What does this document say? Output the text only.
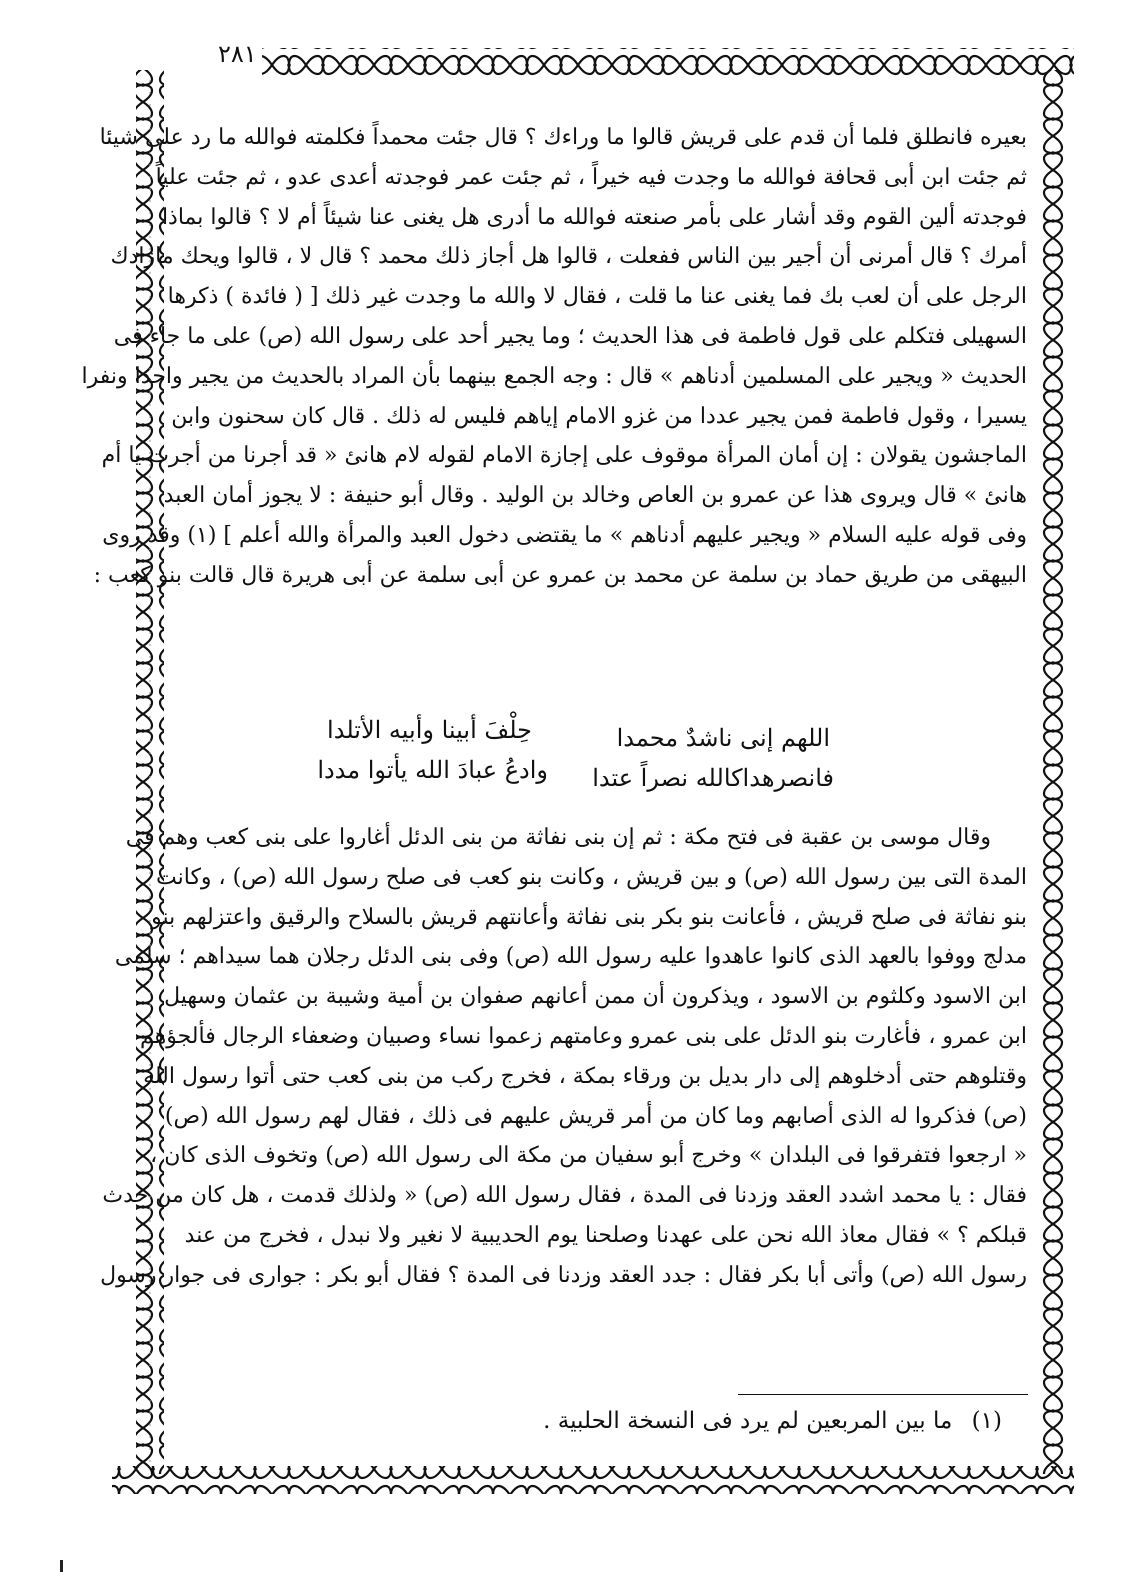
٢٨١
بعيره فانطلق فلما أن قدم على قريش قالوا ما وراءك ؟ قال جئت محمداً فكلمته فوالله ما رد على شيئا
ثم جئت ابن أبى قحافة فوالله ما وجدت فيه خيراً ، ثم جئت عمر فوجدته أعدى عدو ، ثم جئت علياً
فوجدته ألين القوم وقد أشار على بأمر صنعته فوالله ما أدرى هل يغنى عنا شيئاً أم لا ؟ قالوا بماذا
أمرك ؟ قال أمرنى أن أجير بين الناس ففعلت ، قالوا هل أجاز ذلك محمد ؟ قال لا ، قالوا ويحك مازادك
الرجل على أن لعب بك فما يغنى عنا ما قلت ، فقال لا والله ما وجدت غير ذلك [ ( فائدة ) ذكرها
السهيلى فتكلم على قول فاطمة فى هذا الحديث ؛ وما يجير أحد على رسول الله (ص) على ما جاء فى
الحديث « ويجير على المسلمين أدناهم » قال : وجه الجمع بينهما بأن المراد بالحديث من يجير واحدا ونفرا
يسيرا ، وقول فاطمة فمن يجير عددا من غزو الامام إياهم فليس له ذلك . قال كان سحنون وابن
الماجشون يقولان : إن أمان المرأة موقوف على إجازة الامام لقوله لام هانئ « قد أجرنا من أجرت يا أم
هانئ » قال ويروى هذا عن عمرو بن العاص وخالد بن الوليد . وقال أبو حنيفة : لا يجوز أمان العبد
وفى قوله عليه السلام « ويجير عليهم أدناهم » ما يقتضى دخول العبد والمرأة والله أعلم ] (١) وقد روى
البيهقى من طريق حماد بن سلمة عن محمد بن عمرو عن أبى سلمة عن أبى هريرة قال قالت بنو كعب :
اللهم إنى ناشدٌ محمدا
حِلْفَ أبينا وأبيه الأتلدا
فانصرهداكالله نصراً عتدا
وادعُ عبادَ الله يأتوا مددا
وقال موسى بن عقبة فى فتح مكة : ثم إن بنى نفاثة من بنى الدئل أغاروا على بنى كعب وهم فى
المدة التى بين رسول الله (ص) و بين قريش ، وكانت بنو كعب فى صلح رسول الله (ص) ، وكانت
بنو نفاثة فى صلح قريش ، فأعانت بنو بكر بنى نفاثة وأعانتهم قريش بالسلاح والرقيق واعتزلهم بنو
مدلج ووفوا بالعهد الذى كانوا عاهدوا عليه رسول الله (ص) وفى بنى الدئل رجلان هما سيداهم ؛ سلمى
ابن الاسود وكلثوم بن الاسود ، ويذكرون أن ممن أعانهم صفوان بن أمية وشيبة بن عثمان وسهيل
ابن عمرو ، فأغارت بنو الدئل على بنى عمرو وعامتهم زعموا نساء وصبيان وضعفاء الرجال فألجؤهم
وقتلوهم حتى أدخلوهم إلى دار بديل بن ورقاء بمكة ، فخرج ركب من بنى كعب حتى أتوا رسول الله
(ص) فذكروا له الذى أصابهم وما كان من أمر قريش عليهم فى ذلك ، فقال لهم رسول الله (ص)
« ارجعوا فتفرقوا فى البلدان » وخرج أبو سفيان من مكة الى رسول الله (ص) وتخوف الذى كان ،
فقال : يا محمد اشدد العقد وزدنا فى المدة ، فقال رسول الله (ص) « ولذلك قدمت ، هل كان من حدث
قبلكم ؟ » فقال معاذ الله نحن على عهدنا وصلحنا يوم الحديبية لا نغير ولا نبدل ، فخرج من عند
رسول الله (ص) وأتى أبا بكر فقال : جدد العقد وزدنا فى المدة ؟ فقال أبو بكر : جوارى فى جوار رسول
(١) ما بين المربعين لم يرد فى النسخة الحلبية .
